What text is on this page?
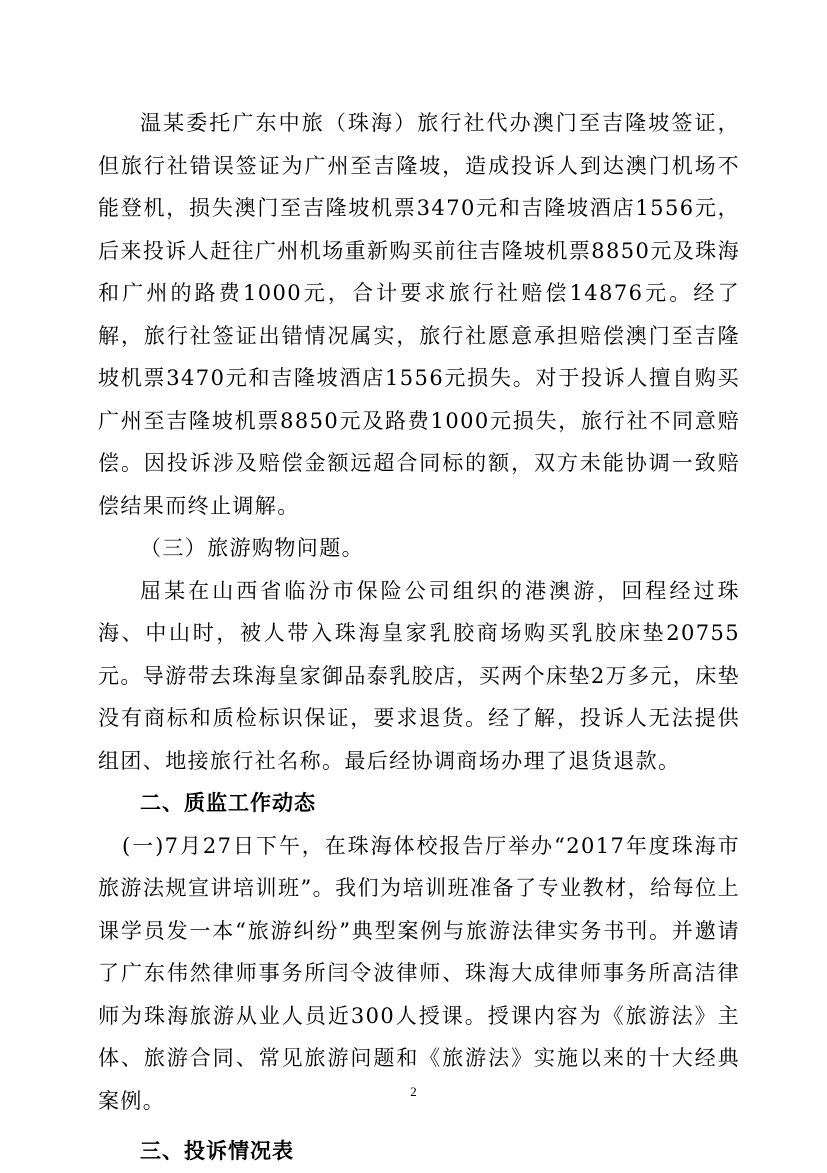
温某委托广东中旅（珠海）旅行社代办澳门至吉隆坡签证，但旅行社错误签证为广州至吉隆坡，造成投诉人到达澳门机场不能登机，损失澳门至吉隆坡机票3470元和吉隆坡酒店1556元，后来投诉人赶往广州机场重新购买前往吉隆坡机票8850元及珠海和广州的路费1000元，合计要求旅行社赔偿14876元。经了解，旅行社签证出错情况属实，旅行社愿意承担赔偿澳门至吉隆坡机票3470元和吉隆坡酒店1556元损失。对于投诉人擅自购买广州至吉隆坡机票8850元及路费1000元损失，旅行社不同意赔偿。因投诉涉及赔偿金额远超合同标的额，双方未能协调一致赔偿结果而终止调解。

（三）旅游购物问题。

屈某在山西省临汾市保险公司组织的港澳游，回程经过珠海、中山时，被人带入珠海皇家乳胶商场购买乳胶床垫20755元。导游带去珠海皇家御品泰乳胶店，买两个床垫2万多元，床垫没有商标和质检标识保证，要求退货。经了解，投诉人无法提供组团、地接旅行社名称。最后经协调商场办理了退货退款。

二、质监工作动态

(一)7月27日下午，在珠海体校报告厅举办“2017年度珠海市旅游法规宣讲培训班”。我们为培训班准备了专业教材，给每位上课学员发一本“旅游纠纷”典型案例与旅游法律实务书刊。并邀请了广东伟然律师事务所闫令波律师、珠海大成律师事务所高洁律师为珠海旅游从业人员近300人授课。授课内容为《旅游法》主体、旅游合同、常见旅游问题和《旅游法》实施以来的十大经典案例。

三、投诉情况表

2
